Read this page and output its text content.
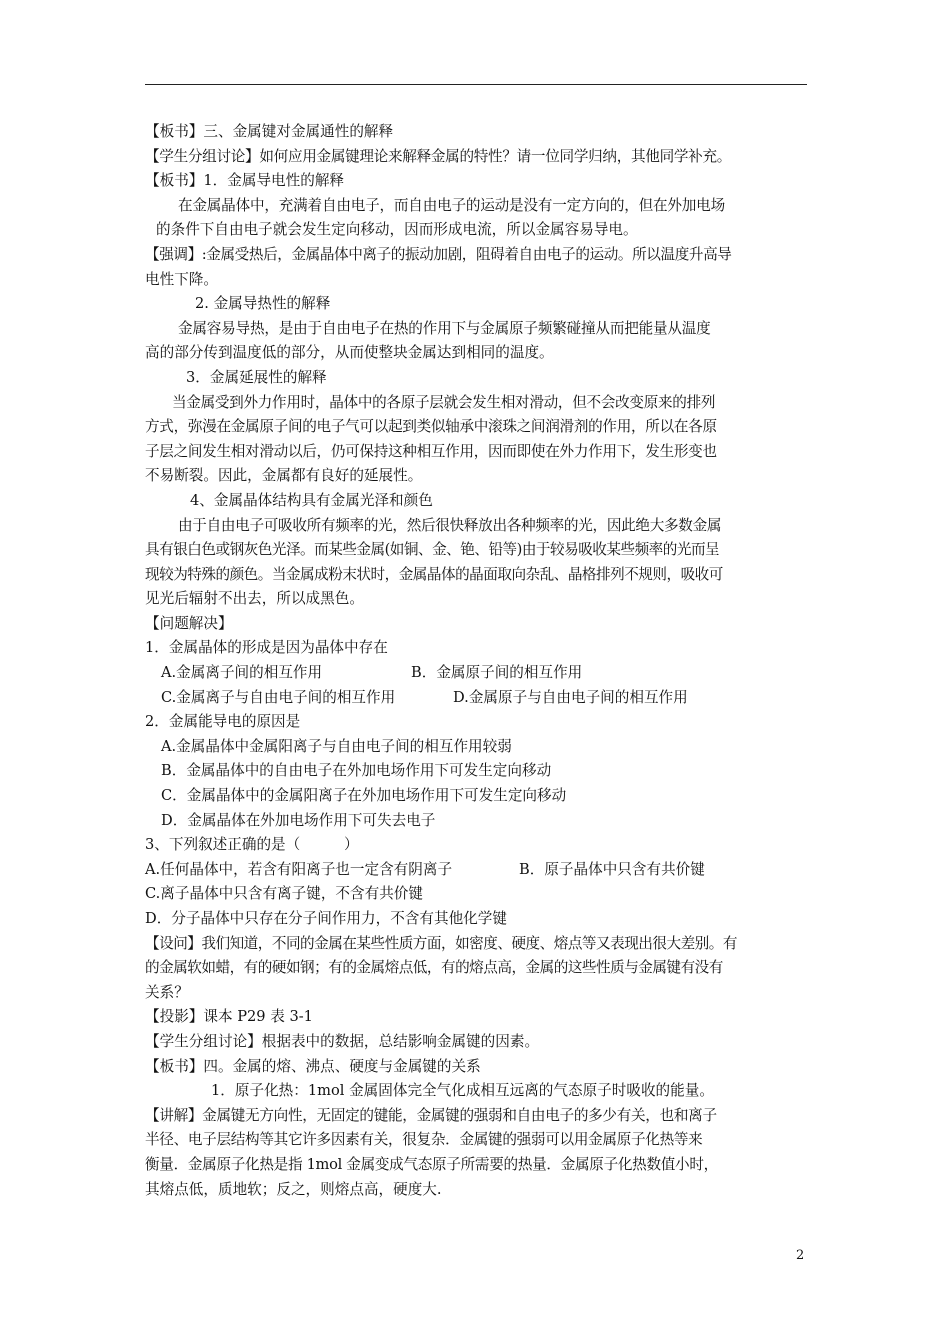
【板书】三、金属键对金属通性的解释

【学生分组讨论】如何应用金属键理论来解释金属的特性？请一位同学归纳，其他同学补充。

【板书】1．金属导电性的解释

在金属晶体中，充满着自由电子，而自由电子的运动是没有一定方向的，但在外加电场

的条件下自由电子就会发生定向移动，因而形成电流，所以金属容易导电。

【强调】:金属受热后，金属晶体中离子的振动加剧，阻碍着自由电子的运动。所以温度升高导

电性下降。

2. 金属导热性的解释

金属容易导热，是由于自由电子在热的作用下与金属原子频繁碰撞从而把能量从温度

高的部分传到温度低的部分，从而使整块金属达到相同的温度。

3．金属延展性的解释

当金属受到外力作用时，晶体中的各原子层就会发生相对滑动，但不会改变原来的排列

方式，弥漫在金属原子间的电子气可以起到类似轴承中滚珠之间润滑剂的作用，所以在各原

子层之间发生相对滑动以后，仍可保持这种相互作用，因而即使在外力作用下，发生形变也

不易断裂。因此，金属都有良好的延展性。

4、金属晶体结构具有金属光泽和颜色

由于自由电子可吸收所有频率的光，然后很快释放出各种频率的光，因此绝大多数金属

具有银白色或钢灰色光泽。而某些金属(如铜、金、铯、铅等)由于较易吸收某些频率的光而呈

现较为特殊的颜色。当金属成粉末状时，金属晶体的晶面取向杂乱、晶格排列不规则，吸收可

见光后辐射不出去，所以成黑色。

【问题解决】

1．金属晶体的形成是因为晶体中存在

A.金属离子间的相互作用	B．金属原子间的相互作用

C.金属离子与自由电子间的相互作用	D.金属原子与自由电子间的相互作用

2．金属能导电的原因是

A.金属晶体中金属阳离子与自由电子间的相互作用较弱

B．金属晶体中的自由电子在外加电场作用下可发生定向移动

C．金属晶体中的金属阳离子在外加电场作用下可发生定向移动

D．金属晶体在外加电场作用下可失去电子

3、下列叙述正确的是（　　　）

A.任何晶体中，若含有阳离子也一定含有阴离子	B．原子晶体中只含有共价键

C.离子晶体中只含有离子键，不含有共价键

D．分子晶体中只存在分子间作用力，不含有其他化学键

【设问】我们知道，不同的金属在某些性质方面，如密度、硬度、熔点等又表现出很大差别。有

的金属软如蜡，有的硬如钢；有的金属熔点低，有的熔点高，金属的这些性质与金属键有没有

关系？

【投影】课本 P29 表 3-1

【学生分组讨论】根据表中的数据，总结影响金属键的因素。

【板书】四。金属的熔、沸点、硬度与金属键的关系

1．原子化热：1mol 金属固体完全气化成相互远离的气态原子时吸收的能量。

【讲解】金属键无方向性，无固定的键能，金属键的强弱和自由电子的多少有关，也和离子

半径、电子层结构等其它许多因素有关，很复杂．金属键的强弱可以用金属原子化热等来

衡量．金属原子化热是指 1mol 金属变成气态原子所需要的热量．金属原子化热数值小时，

其熔点低，质地软；反之，则熔点高，硬度大.

2
